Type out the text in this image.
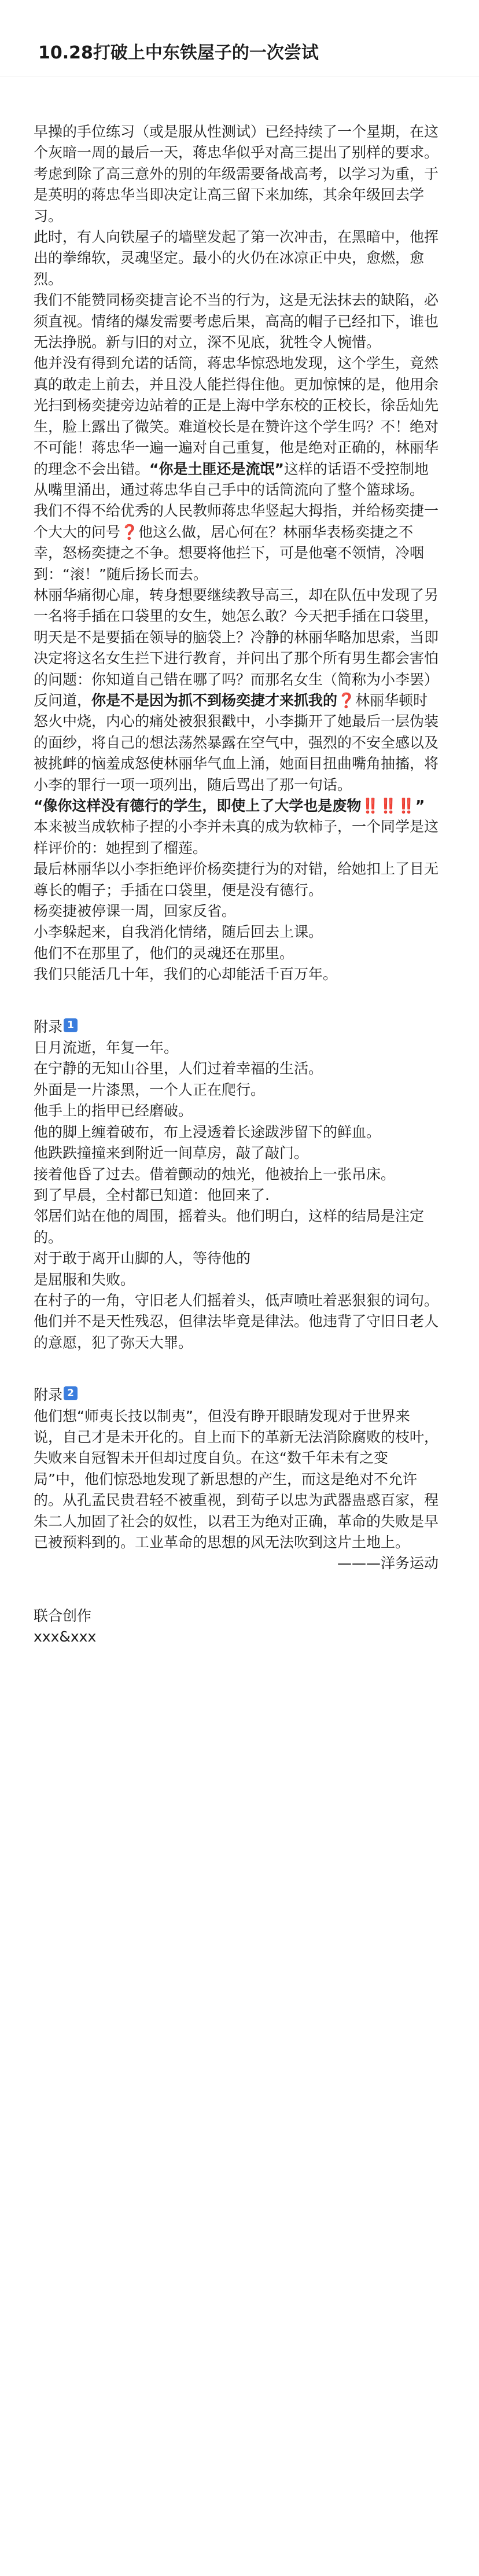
10.28打破上中东铁屋子的一次尝试

早操的手位练习（或是服从性测试）已经持续了一个星期，在这个灰暗一周的最后一天，蒋忠华似乎对高三提出了别样的要求。考虑到除了高三意外的别的年级需要备战高考，以学习为重，于是英明的蒋忠华当即决定让高三留下来加练，其余年级回去学习。

此时，有人向铁屋子的墙壁发起了第一次冲击，在黑暗中，他挥出的拳绵软，灵魂坚定。最小的火仍在冰凉正中央，愈燃，愈烈。

我们不能赞同杨奕捷言论不当的行为，这是无法抹去的缺陷，必须直视。情绪的爆发需要考虑后果，高高的帽子已经扣下，谁也无法挣脱。新与旧的对立，深不见底，犹牲令人惋惜。

他并没有得到允诺的话筒，蒋忠华惊恐地发现，这个学生，竟然真的敢走上前去，并且没人能拦得住他。更加惊悚的是，他用余光扫到杨奕捷旁边站着的正是上海中学东校的正校长，徐岳灿先生，脸上露出了微笑。难道校长是在赞许这个学生吗？不！绝对不可能！蒋忠华一遍一遍对自己重复，他是绝对正确的，林丽华的理念不会出错。“你是土匪还是流氓”这样的话语不受控制地从嘴里涌出，通过蒋忠华自己手中的话筒流向了整个篮球场。

我们不得不给优秀的人民教师蒋忠华竖起大拇指，并给杨奕捷一个大大的问号❓他这么做，居心何在？林丽华表杨奕捷之不幸，怒杨奕捷之不争。想要将他拦下，可是他毫不领情，冷咽到：“滚！”随后扬长而去。

林丽华痛彻心扉，转身想要继续教导高三，却在队伍中发现了另一名将手插在口袋里的女生，她怎么敢？今天把手插在口袋里，明天是不是要插在领导的脑袋上？冷静的林丽华略加思索，当即决定将这名女生拦下进行教育，并问出了那个所有男生都会害怕的问题：你知道自己错在哪了吗？而那名女生（简称为小李罢）反问道，你是不是因为抓不到杨奕捷才来抓我的❓林丽华顿时怒火中烧，内心的痛处被狠狠戳中，小李撕开了她最后一层伪装的面纱，将自己的想法荡然暴露在空气中，强烈的不安全感以及被挑衅的恼羞成怒使林丽华气血上涌，她面目扭曲嘴角抽搐，将小李的罪行一项一项列出，随后骂出了那一句话。

“像你这样没有德行的学生，即使上了大学也是废物‼️‼️‼️”

本来被当成软柿子捏的小李并未真的成为软柿子，一个同学是这样评价的：她捏到了榴莲。

最后林丽华以小李拒绝评价杨奕捷行为的对错，给她扣上了目无尊长的帽子；手插在口袋里，便是没有德行。

杨奕捷被停课一周，回家反省。

小李躲起来，自我消化情绪，随后回去上课。

他们不在那里了，他们的灵魂还在那里。

我们只能活几十年，我们的心却能活千百万年。

附录 1

日月流逝，年复一年。

在宁静的无知山谷里，人们过着幸福的生活。

外面是一片漆黑，一个人正在爬行。

他手上的指甲已经磨破。

他的脚上缠着破布，布上浸透着长途跋涉留下的鲜血。

他跌跌撞撞来到附近一间草房，敲了敲门。

接着他昏了过去。借着颤动的烛光，他被抬上一张吊床。

到了早晨，全村都已知道：他回来了.

邻居们站在他的周围，摇着头。他们明白，这样的结局是注定的。

对于敢于离开山脚的人，等待他的

是屈服和失败。

在村子的一角，守旧老人们摇着头，低声喷吐着恶狠狠的词句。

他们并不是天性残忍，但律法毕竟是律法。他违背了守旧日老人的意愿，犯了弥天大罪。

附录 2

他们想“师夷长技以制夷”，但没有睁开眼睛发现对于世界来说，自己才是未开化的。自上而下的革新无法消除腐败的枝叶，失败来自冠智未开但却过度自负。在这“数千年未有之变局”中，他们惊恐地发现了新思想的产生，而这是绝对不允许的。从孔孟民贵君轻不被重视，到荀子以忠为武器蛊惑百家，程朱二人加固了社会的奴性，以君王为绝对正确，革命的失败是早已被预料到的。工业革命的思想的风无法吹到这片土地上。

———洋务运动

联合创作

xxx&xxx
